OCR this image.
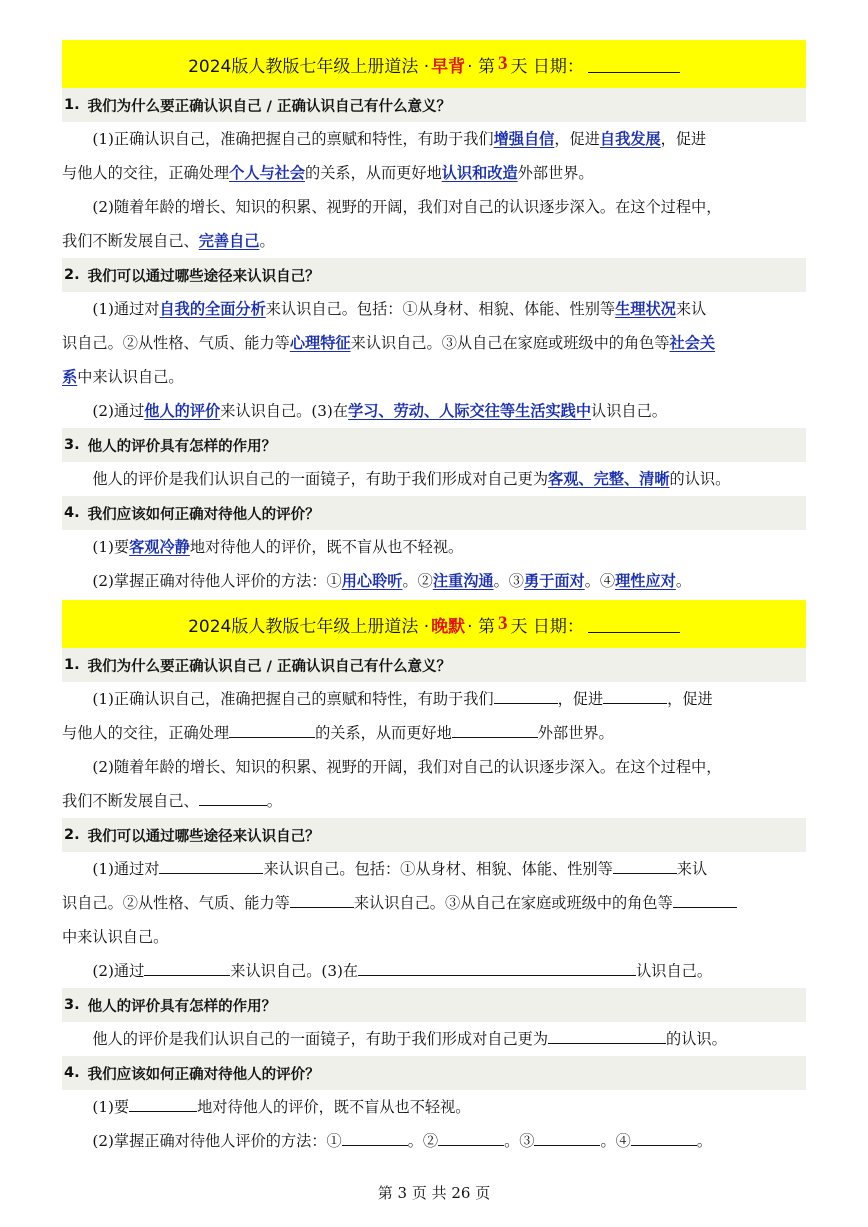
2024版人教版七年级上册道法 · 早背 · 第 3 天 日期：
1. 我们为什么要正确认识自己 / 正确认识自己有什么意义？

(1)正确认识自己，准确把握自己的禀赋和特性，有助于我们增强自信，促进自我发展，促进

与他人的交往，正确处理个人与社会的关系，从而更好地认识和改造外部世界。

(2)随着年龄的增长、知识的积累、视野的开阔，我们对自己的认识逐步深入。在这个过程中，

我们不断发展自己、完善自己。

2. 我们可以通过哪些途径来认识自己？

(1)通过对自我的全面分析来认识自己。包括：①从身材、相貌、体能、性别等生理状况来认

识自己。②从性格、气质、能力等心理特征来认识自己。③从自己在家庭或班级中的角色等社会关

系中来认识自己。

(2)通过他人的评价来认识自己。(3)在学习、劳动、人际交往等生活实践中认识自己。

3. 他人的评价具有怎样的作用？

他人的评价是我们认识自己的一面镜子，有助于我们形成对自己更为客观、完整、清晰的认识。

4. 我们应该如何正确对待他人的评价？

(1)要客观冷静地对待他人的评价，既不盲从也不轻视。

(2)掌握正确对待他人评价的方法：①用心聆听。②注重沟通。③勇于面对。④理性应对。

2024版人教版七年级上册道法 · 晚默 · 第 3 天 日期：
1. 我们为什么要正确认识自己 / 正确认识自己有什么意义？

(1)正确认识自己，准确把握自己的禀赋和特性，有助于我们	，促进	，促进

与他人的交往，正确处理	的关系，从而更好地	外部世界。

(2)随着年龄的增长、知识的积累、视野的开阔，我们对自己的认识逐步深入。在这个过程中，

我们不断发展自己、	。

2. 我们可以通过哪些途径来认识自己？

(1)通过对	来认识自己。包括：①从身材、相貌、体能、性别等	来认

识自己。②从性格、气质、能力等	来认识自己。③从自己在家庭或班级中的角色等

中来认识自己。

(2)通过	来认识自己。(3)在	认识自己。

3. 他人的评价具有怎样的作用？

他人的评价是我们认识自己的一面镜子，有助于我们形成对自己更为	的认识。

4. 我们应该如何正确对待他人的评价？

(1)要	地对待他人的评价，既不盲从也不轻视。

(2)掌握正确对待他人评价的方法：①	。②	。③	。④	。

第 3 页 共 26 页
